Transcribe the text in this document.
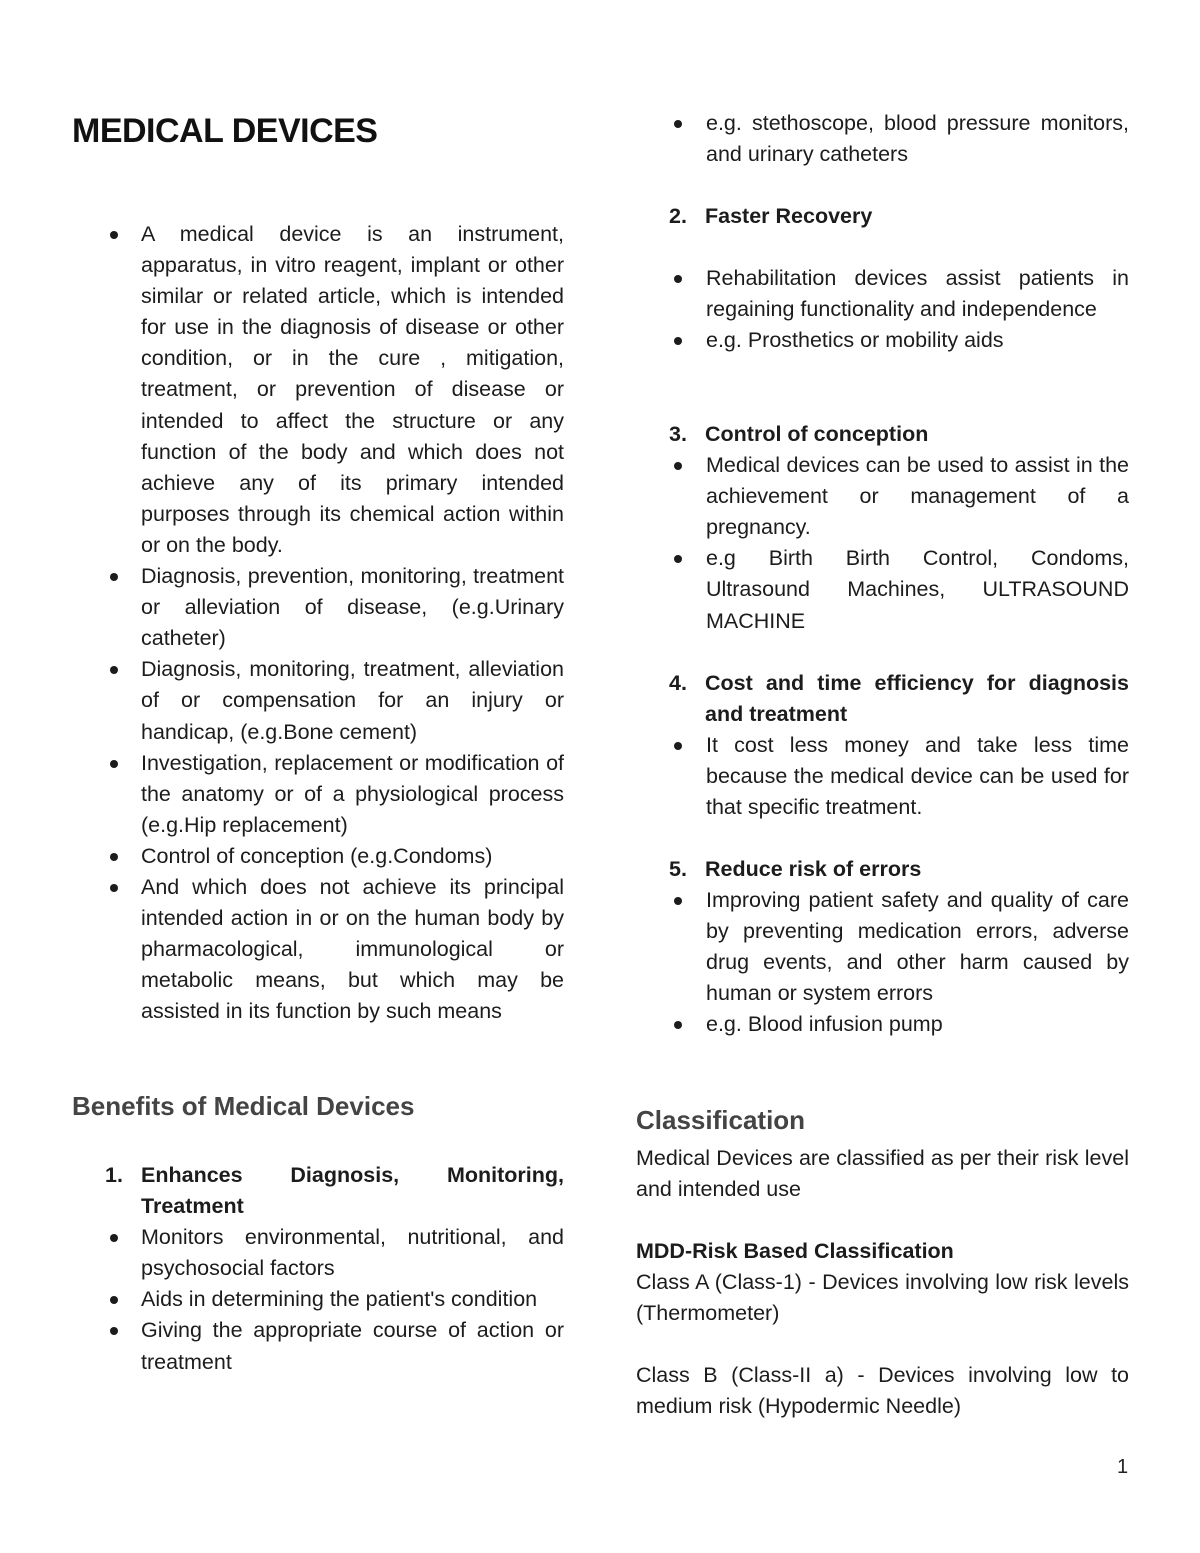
MEDICAL DEVICES
A medical device is an instrument, apparatus, in vitro reagent, implant or other similar or related article, which is intended for use in the diagnosis of disease or other condition, or in the cure , mitigation, treatment, or prevention of disease or intended to affect the structure or any function of the body and which does not achieve any of its primary intended purposes through its chemical action within or on the body.
Diagnosis, prevention, monitoring, treatment or alleviation of disease, (e.g.Urinary catheter)
Diagnosis, monitoring, treatment, alleviation of or compensation for an injury or handicap, (e.g.Bone cement)
Investigation, replacement or modification of the anatomy or of a physiological process (e.g.Hip replacement)
Control of conception (e.g.Condoms)
And which does not achieve its principal intended action in or on the human body by pharmacological, immunological or metabolic means, but which may be assisted in its function by such means
Benefits of Medical Devices

1. Enhances Diagnosis, Monitoring, Treatment

Monitors environmental, nutritional, and psychosocial factors
Aids in determining the patient's condition
Giving the appropriate course of action or treatment
e.g. stethoscope, blood pressure monitors, and urinary catheters

2. Faster Recovery

Rehabilitation devices assist patients in regaining functionality and independence
e.g. Prosthetics or mobility aids

3. Control of conception

Medical devices can be used to assist in the achievement or management of a pregnancy.
e.g Birth Birth Control, Condoms, Ultrasound Machines, ULTRASOUND MACHINE

4. Cost and time efficiency for diagnosis and treatment

It cost less money and take less time because the medical device can be used for that specific treatment.

5. Reduce risk of errors

Improving patient safety and quality of care by preventing medication errors, adverse drug events, and other harm caused by human or system errors
e.g. Blood infusion pump
Classification

Medical Devices are classified as per their risk level and intended use

MDD-Risk Based Classification

Class A (Class-1) - Devices involving low risk levels (Thermometer)

Class B (Class-II a) - Devices involving low to medium risk (Hypodermic Needle)

1
